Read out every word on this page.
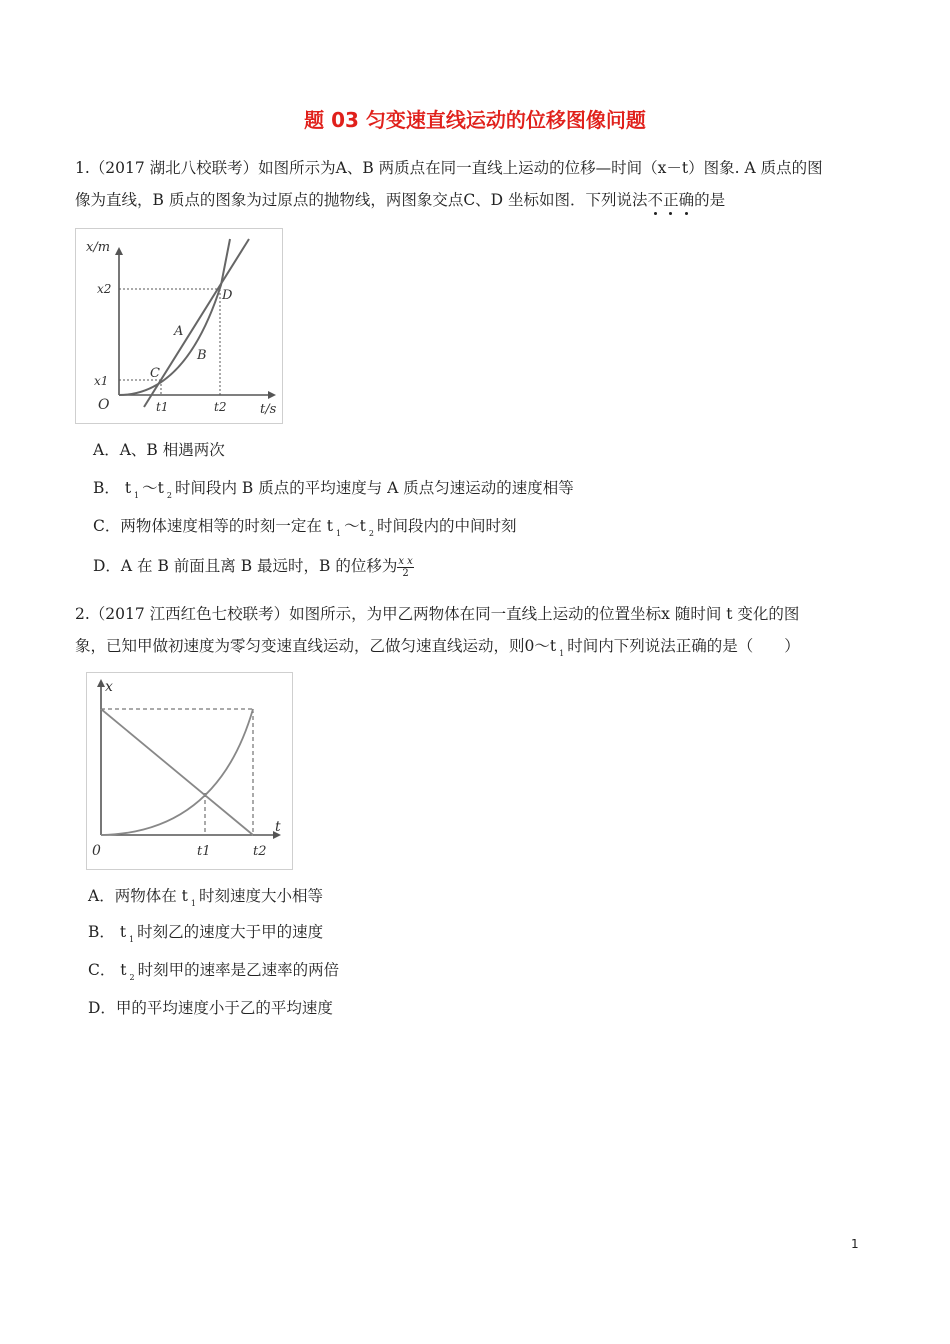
题 03 匀变速直线运动的位移图像问题
1.（2017 湖北八校联考）如图所示为A、B 两质点在同一直线上运动的位移—时间（x－t）图象. A 质点的图
像为直线，B 质点的图象为过原点的抛物线，两图象交点C、D 坐标如图．下列说法不正确的是
x/m
t/s
O
x2
x1
t1	t2
A
B
C
D
A．A、B 相遇两次
B． t $_1$ ～t $_2$ 时间段内 B 质点的平均速度与 A 质点匀速运动的速度相等
C．两物体速度相等的时刻一定在 t $_1$ ～t $_2$ 时间段内的中间时刻
D．A 在 B 前面且离 B 最远时，B 的位移为 $\frac{\text{x x}}{2}$
2.（2017 江西红色七校联考）如图所示，为甲乙两物体在同一直线上运动的位置坐标x 随时间 t 变化的图
象，已知甲做初速度为零匀变速直线运动，乙做匀速直线运动，则0～t $_1$ 时间内下列说法正确的是（　　）
x
t
0	t1	t2
A．两物体在 t $_1$ 时刻速度大小相等
B． t $_1$ 时刻乙的速度大于甲的速度
C． t $_2$ 时刻甲的速率是乙速率的两倍
D．甲的平均速度小于乙的平均速度
1
